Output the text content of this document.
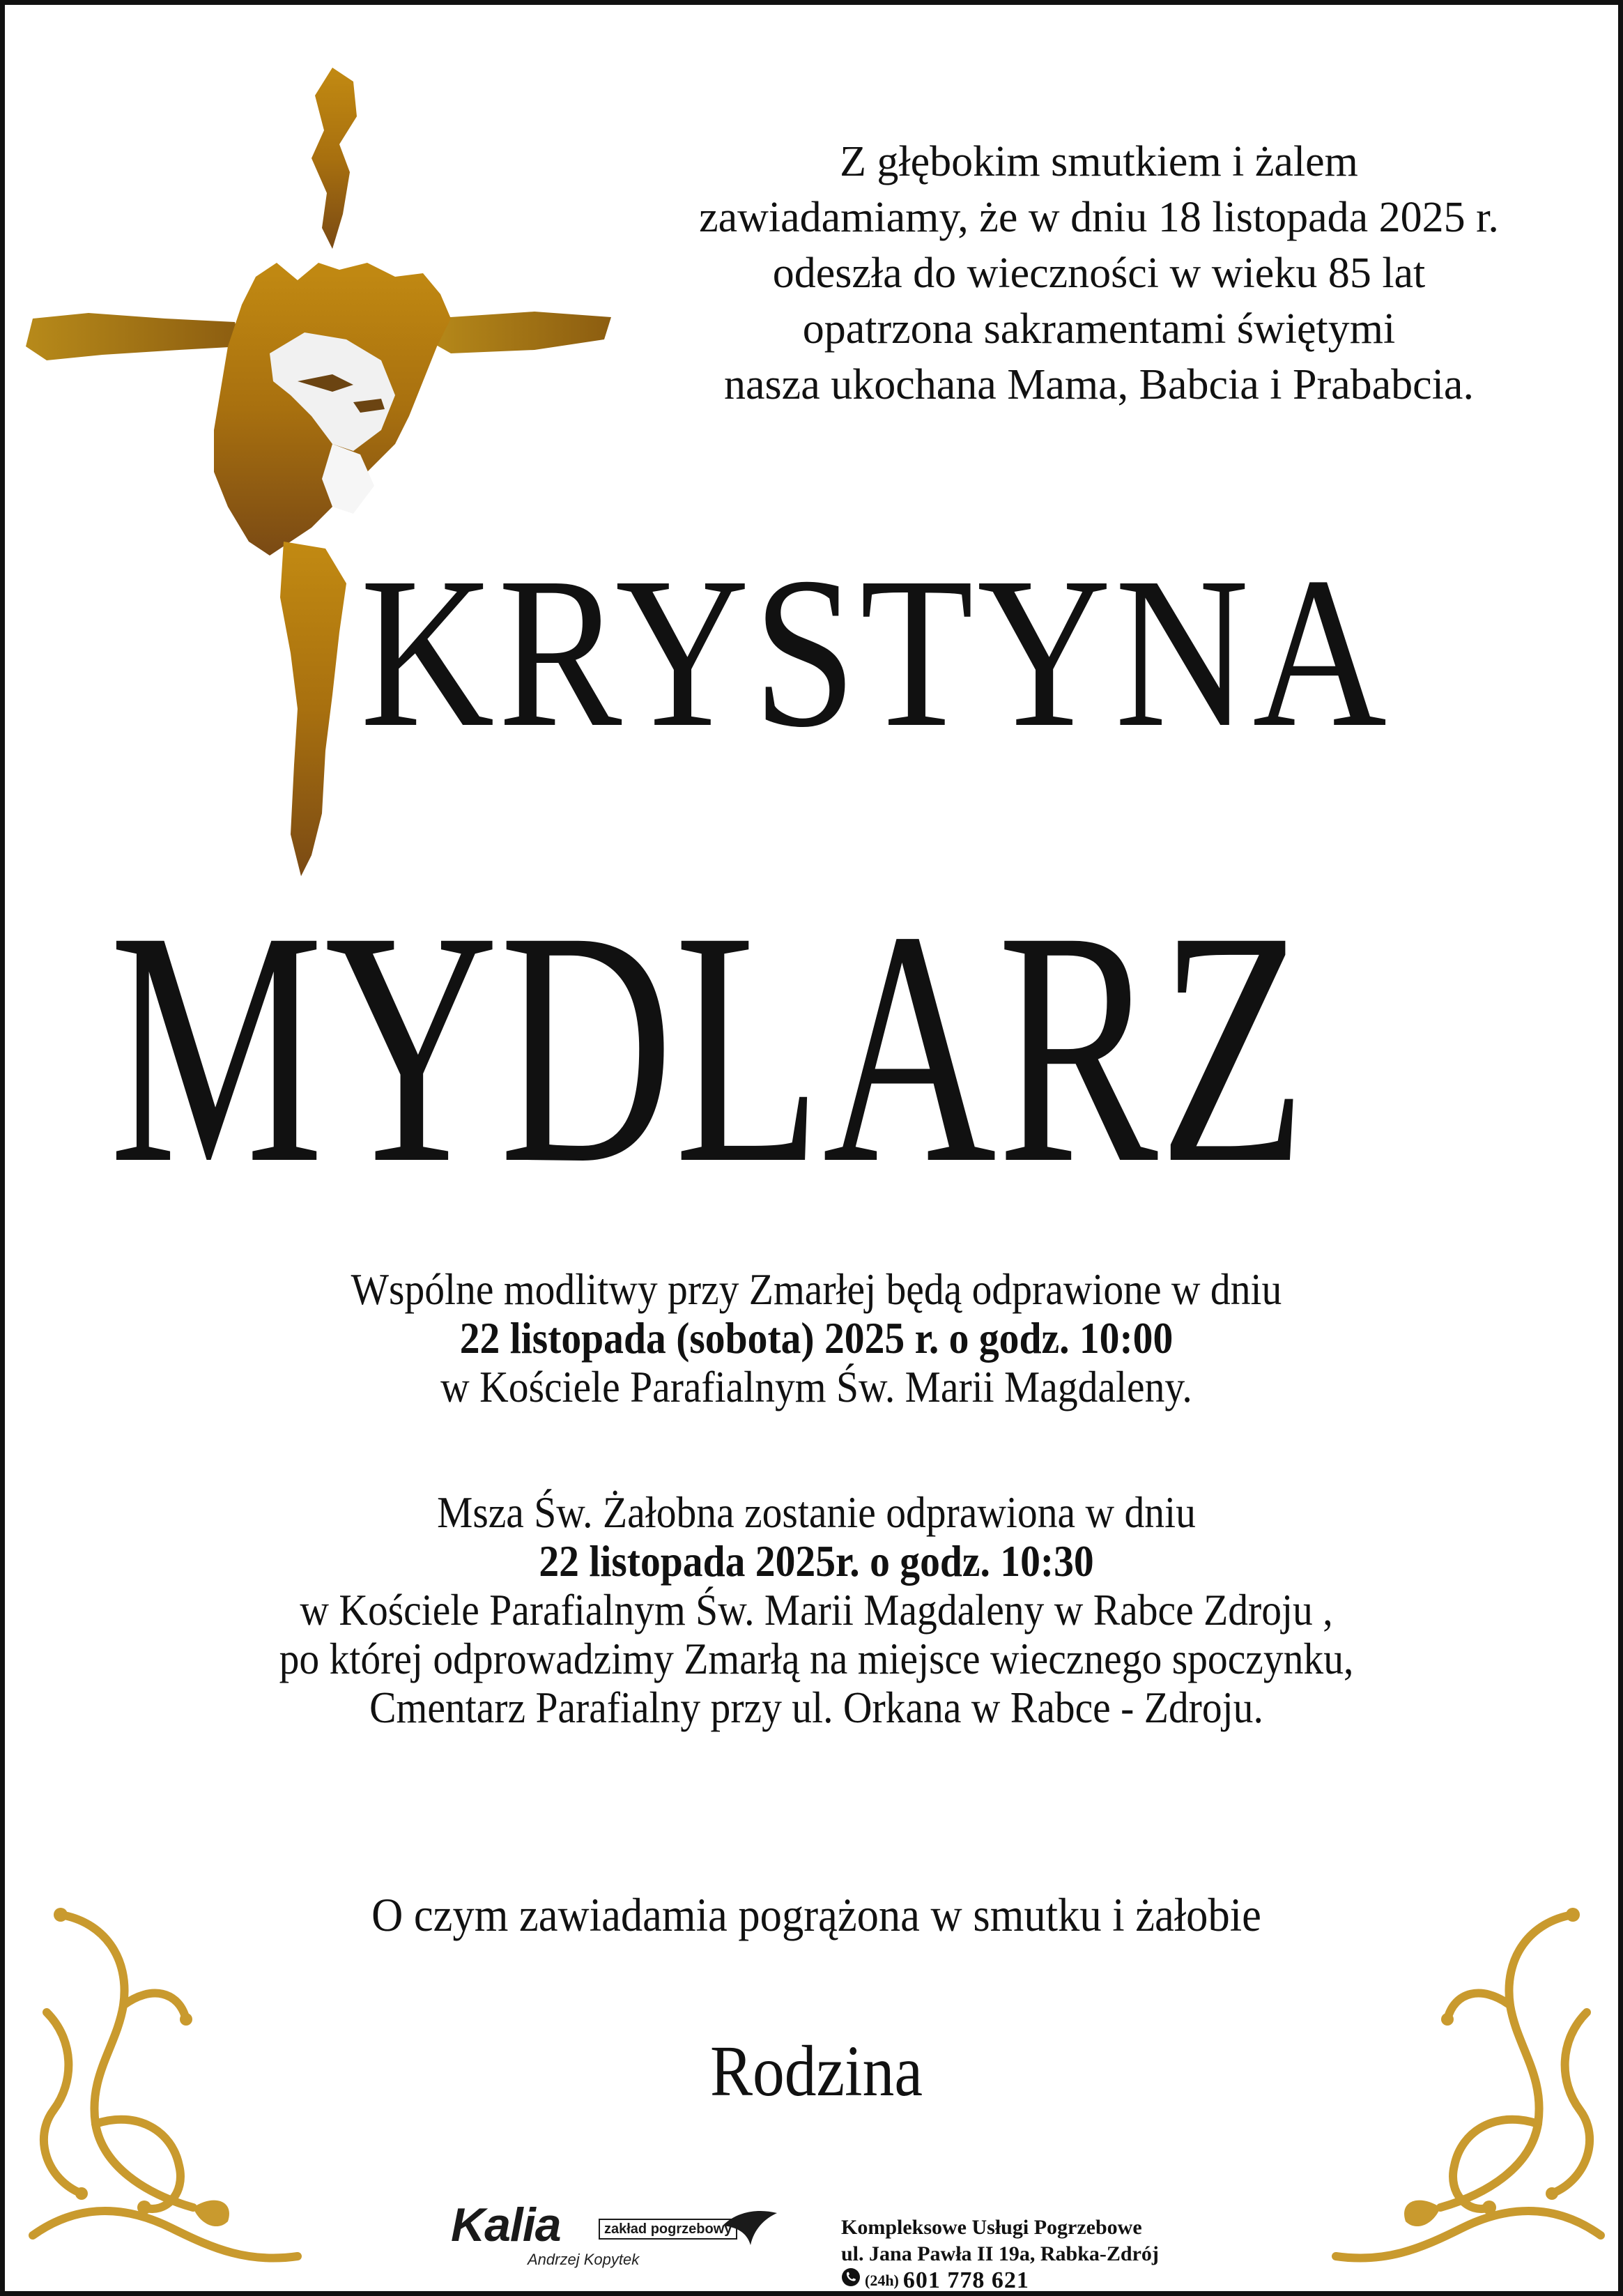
Z głębokim smutkiem i żalem
zawiadamiamy, że w dniu 18 listopada 2025 r.
odeszła do wieczności w wieku 85 lat
opatrzona sakramentami świętymi
nasza ukochana Mama, Babcia i Prababcia.
KRYSTYNA
MYDLARZ
Wspólne modlitwy przy Zmarłej będą odprawione w dniu
22 listopada (sobota) 2025 r. o godz. 10:00
w Kościele Parafialnym Św. Marii Magdaleny.
Msza Św. Żałobna zostanie odprawiona w dniu
22 listopada 2025r. o godz. 10:30
w Kościele Parafialnym Św. Marii Magdaleny w Rabce Zdroju ,
po której odprowadzimy Zmarłą na miejsce wiecznego spoczynku,
Cmentarz Parafialny przy ul. Orkana w Rabce - Zdroju.
O czym zawiadamia pogrążona w smutku i żałobie
Rodzina
Kalia	zakład pogrzebowy
Andrzej Kopytek
Kompleksowe Usługi Pogrzebowe
ul. Jana Pawła II 19a, Rabka-Zdrój
(24h) 601 778 621
